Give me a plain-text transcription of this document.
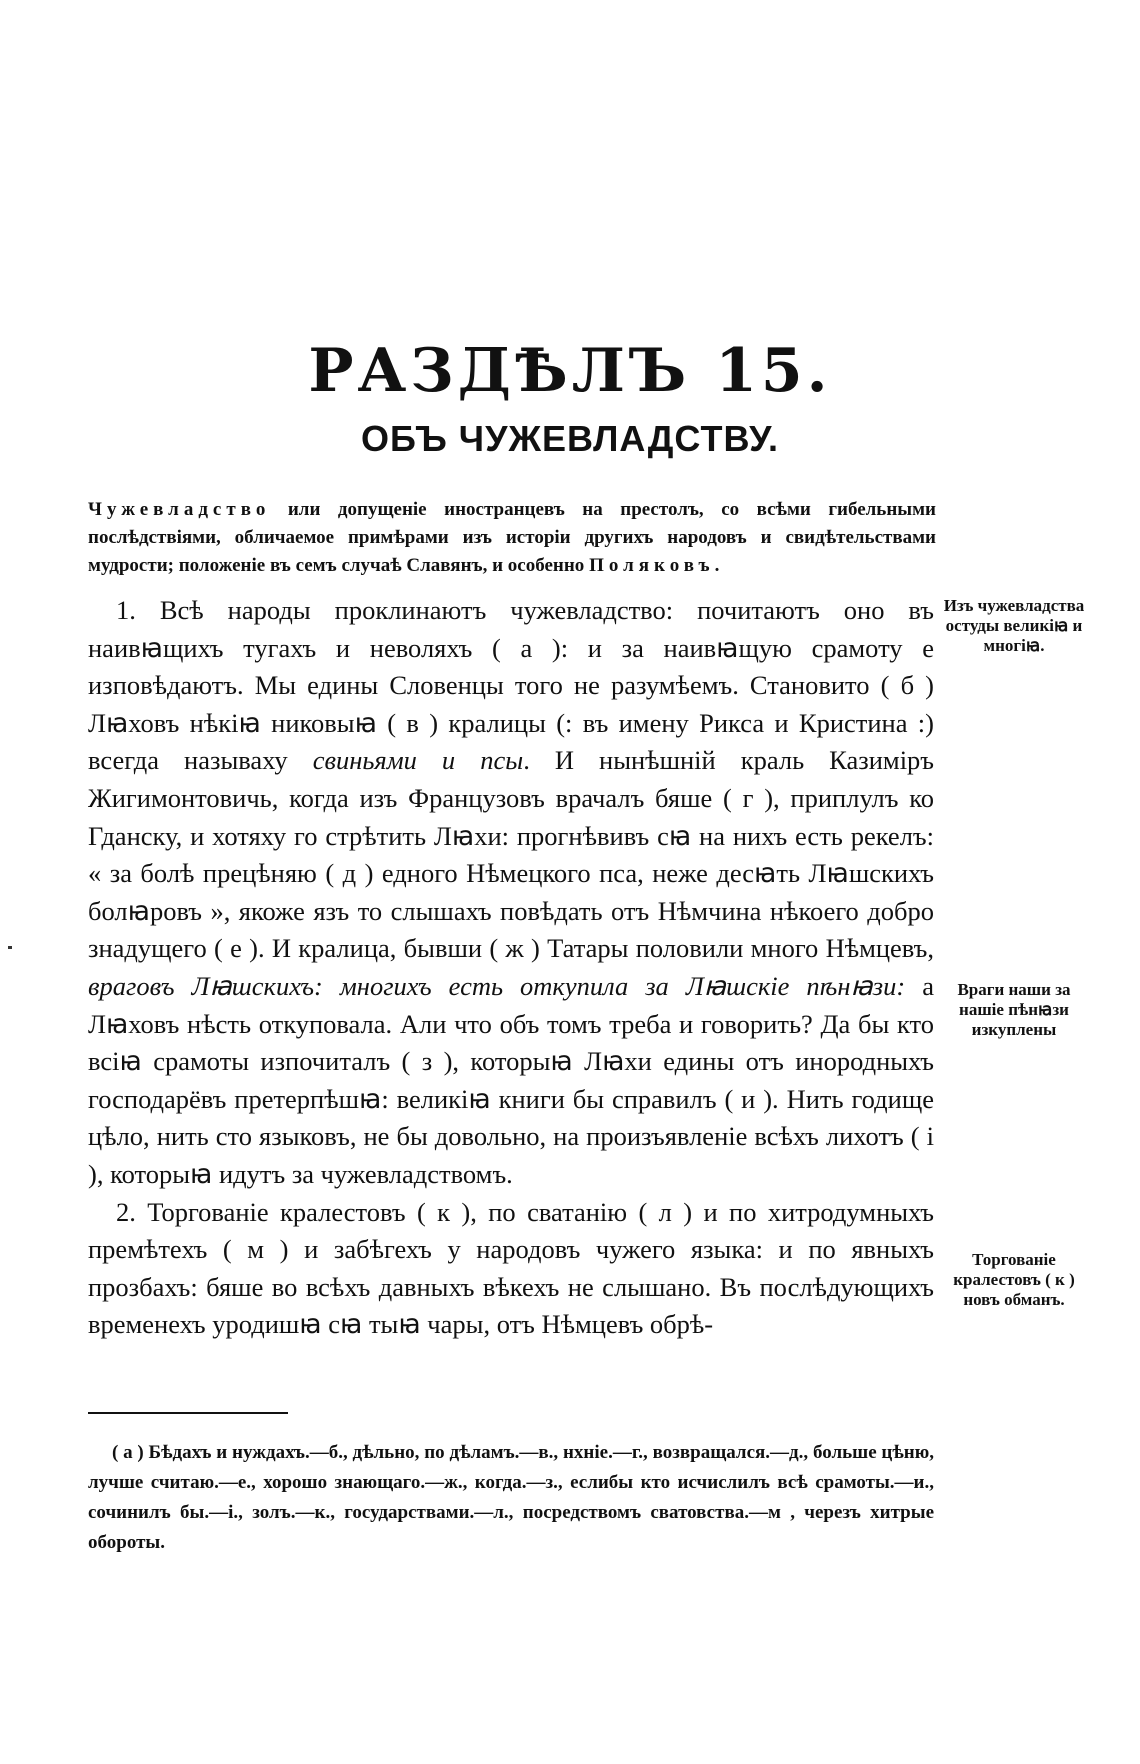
РАЗДѢЛЪ 15.
ОБЪ ЧУЖЕВЛАДСТВУ.

Чужевладство или допущеніе иностранцевъ на престолъ, со всѣми гибельными послѣдствіями, обличаемое примѣрами изъ исторіи другихъ народовъ и свидѣтельствами мудрости; положеніе въ семъ случаѣ Славянъ, и особенно Поляковъ.

1. Всѣ народы проклинаютъ чужевладство: почитаютъ оно въ наивꙗщихъ тугахъ и неволяхъ ( а ): и за наивꙗщую срамоту е изповѣдаютъ. Мы едины Словенцы того не разумѣемъ. Становито ( б ) Лꙗховъ нѣкіꙗ никовыꙗ ( в ) кралицы (: въ имену Рикса и Кристина :) всегда называху свиньями и псы. И нынѣшній краль Казиміръ Жигимонтовичь, когда изъ Французовъ врачалъ бяше ( г ), приплулъ ко Гданску, и хотяху го стрѣтить Лꙗхи: прогнѣвивъ сꙗ на нихъ есть рекелъ: « за болѣ прецѣняю ( д ) едного Нѣмецкого пса, неже десꙗть Лꙗшскихъ болꙗровъ », якоже язъ то слышахъ повѣдать отъ Нѣмчина нѣкоего добро знадущего ( е ). И кралица, бывши ( ж ) Татары половили много Нѣмцевъ, враговъ Лꙗшскихъ: многихъ есть откупила за Лꙗшскіе пѣнꙗзи: а Лꙗховъ нѣсть откуповала. Али что объ томъ треба и говорить? Да бы кто всіꙗ срамоты изпочиталъ ( з ), которыꙗ Лꙗхи едины отъ инородныхъ господарёвъ претерпѣшꙗ: великіꙗ книги бы справилъ ( и ). Нить годище цѣло, нить сто языковъ, не бы довольно, на произъявленіе всѣхъ лихотъ ( і ), которыꙗ идутъ за чужевладствомъ.

2. Торгованіе кралестовъ ( к ), по сватанію ( л ) и по хитродумныхъ премѣтехъ ( м ) и забѣгехъ у народовъ чужего языка: и по явныхъ прозбахъ: бяше во всѣхъ давныхъ вѣкехъ не слышано. Въ послѣдующихъ временехъ уродишꙗ сꙗ тыꙗ чары, отъ Нѣмцевъ обрѣ-

Изъ чужевладства остуды великіꙗ и многіꙗ.

Враги наши за нашіе пѣнꙗзи изкуплены

Торгованіе кралестовъ ( к ) новъ обманъ.

( а ) Бѣдахъ и нуждахъ.—б., дѣльно, по дѣламъ.—в., нхніе.—г., возвращался.—д., больше цѣню, лучше считаю.—е., хорошо знающаго.—ж., когда.—з., еслибы кто исчислилъ всѣ срамоты.—и., сочинилъ бы.—і., золъ.—к., государствами.—л., посредствомъ сватовства.—м , черезъ хитрые обороты.
